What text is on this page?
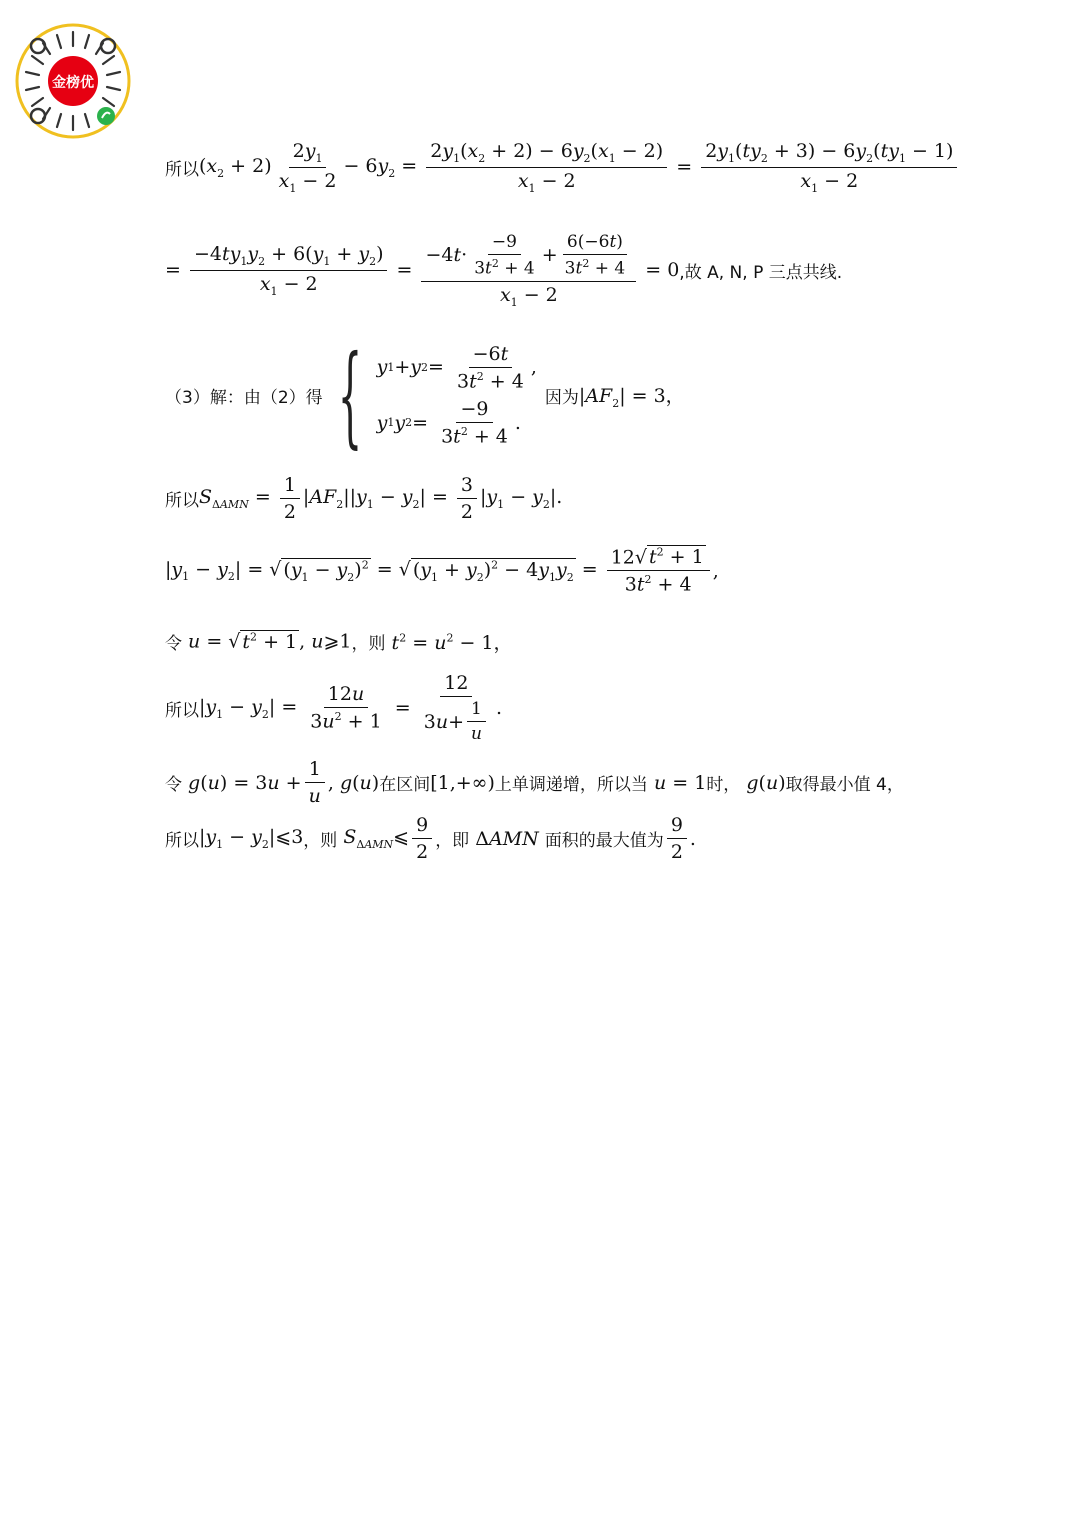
金榜优
所以 $(x_2 + 2) \frac{2y_1}{x_1 - 2} - 6y_2 = \frac{2y_1(x_2 + 2) - 6y_2(x_1 - 2)}{x_1 - 2} = \frac{2y_1(ty_2 + 3) - 6y_2(ty_1 - 1)}{x_1 - 2}$
= $\frac{-4ty_1y_2 + 6(y_1 + y_2)}{x_1 - 2} = \frac{-4 t \cdot \frac{-9}{3t^2 + 4} + \frac{6(-6t)}{3t^2 + 4}}{x_1 - 2} = 0$ ,故 A, N, P 三点共线.
（3）解：由（2）得 { y 1 + y $2 = \frac{-6t}{3t^2 + 4}$ ,
y 1 y $2 = \frac{-9}{3t^2 + 4}$ .
因为 $|AF_2| = 3$，
所以 $S_{\Delta AMN} = \frac{1}{2} |AF_2||y_1 - y_2| = \frac{3}{2} |y_1 - y_2|$.
$|y_1 - y_2|$ = √ $(y_1 - y_2)^2$ = √ $(y_1 + y_2)^2 - 4y_1y_2 = \frac{12√ t^2 + 1}{3t^2 + 4}$ ,
令 u = √ $t^2 + 1$ , u⩾1 ，则 $t^2 = u^2 - 1$，
所以 $|y_1 - y_2| = \frac{12u}{3u^2 + 1} = \frac{12}{3 u + \frac{1}{u}}$ .
令 $g(u) = 3u + \frac{1}{u}$ , g(u) 在区间 [1,+∞) 上单调递增，所以当 u = 1 时， g(u) 取得最小值 4，
所以 $|y_1$ − $y_2|⩽3$ ，则 $S_{\Delta AMN}⩽ \frac{9}{2}$ ，即 ΔAMN 面积的最大值为 $\frac{9}{2}$ .
